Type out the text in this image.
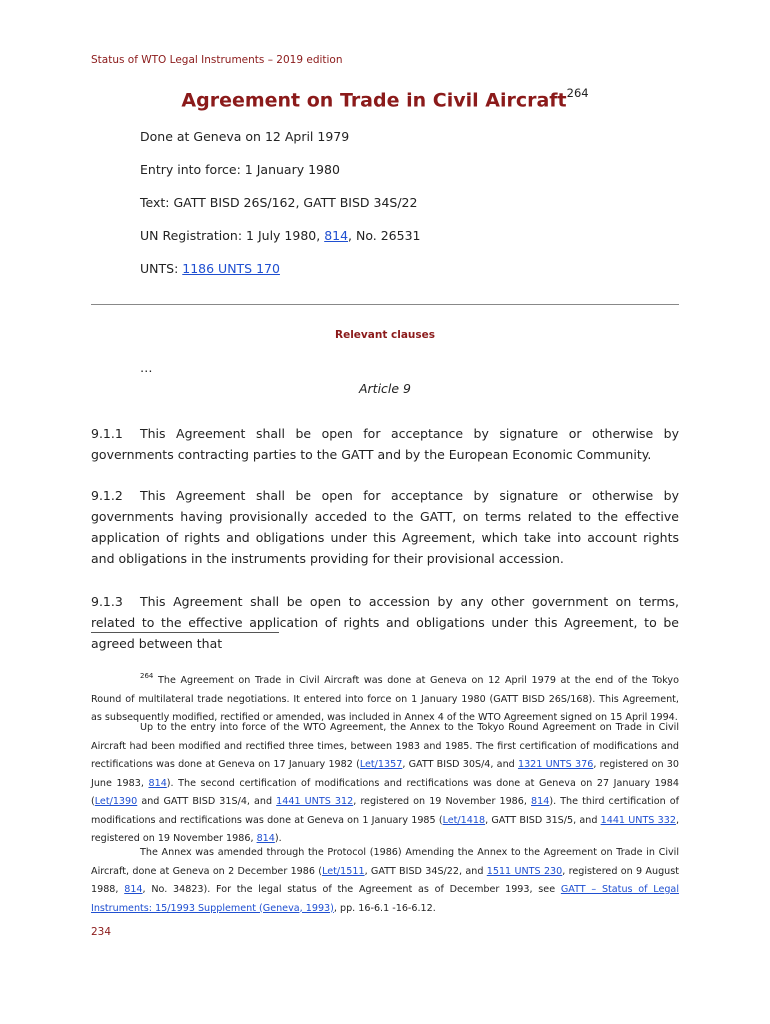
Status of WTO Legal Instruments – 2019 edition
Agreement on Trade in Civil Aircraft$^{264}$
Done at Geneva on 12 April 1979
Entry into force: 1 January 1980
Text: GATT BISD 26S/162, GATT BISD 34S/22
UN Registration: 1 July 1980, 814, No. 26531
UNTS: 1186 UNTS 170
Relevant clauses
…
Article 9
9.1.1 This Agreement shall be open for acceptance by signature or otherwise by governments contracting parties to the GATT and by the European Economic Community.
9.1.2 This Agreement shall be open for acceptance by signature or otherwise by governments having provisionally acceded to the GATT, on terms related to the effective application of rights and obligations under this Agreement, which take into account rights and obligations in the instruments providing for their provisional accession.
9.1.3 This Agreement shall be open to accession by any other government on terms, related to the effective application of rights and obligations under this Agreement, to be agreed between that
$^{264}$ The Agreement on Trade in Civil Aircraft was done at Geneva on 12 April 1979 at the end of the Tokyo Round of multilateral trade negotiations. It entered into force on 1 January 1980 (GATT BISD 26S/168). This Agreement, as subsequently modified, rectified or amended, was included in Annex 4 of the WTO Agreement signed on 15 April 1994.
Up to the entry into force of the WTO Agreement, the Annex to the Tokyo Round Agreement on Trade in Civil Aircraft had been modified and rectified three times, between 1983 and 1985. The first certification of modifications and rectifications was done at Geneva on 17 January 1982 (Let/1357, GATT BISD 30S/4, and 1321 UNTS 376, registered on 30 June 1983, 814). The second certification of modifications and rectifications was done at Geneva on 27 January 1984 (Let/1390 and GATT BISD 31S/4, and 1441 UNTS 312, registered on 19 November 1986, 814). The third certification of modifications and rectifications was done at Geneva on 1 January 1985 (Let/1418, GATT BISD 31S/5, and 1441 UNTS 332, registered on 19 November 1986, 814).
The Annex was amended through the Protocol (1986) Amending the Annex to the Agreement on Trade in Civil Aircraft, done at Geneva on 2 December 1986 (Let/1511, GATT BISD 34S/22, and 1511 UNTS 230, registered on 9 August 1988, 814, No. 34823). For the legal status of the Agreement as of December 1993, see GATT – Status of Legal Instruments: 15/1993 Supplement (Geneva, 1993), pp. 16-6.1 -16-6.12.
234
